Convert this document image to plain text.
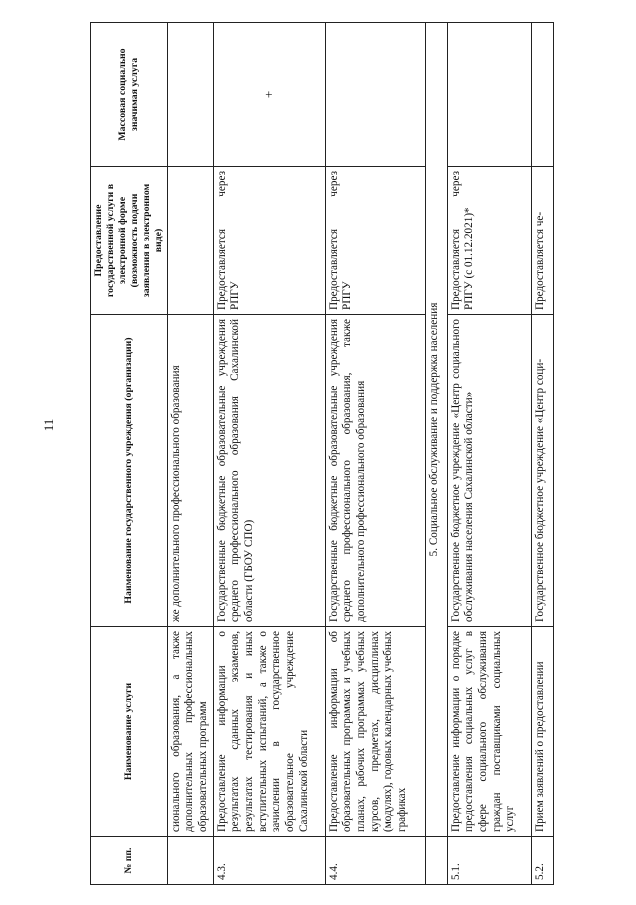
11
№ пп.	Наименование услуги	Наименование государственного учреждения (организации)	Предоставление государственной услуги в электронной форме (возможность подачи заявления в электронном виде)	Массовая социально значимая услуга
	сионального образования, а также дополнительных профессиональных образовательных программ	же дополнительного профессионального образования		
4.3.	Предоставление информации о результатах сданных экзаменов, результатах тестирования и иных вступительных испытаний, а также о зачислении в государственное образовательное учреждение Сахалинской области	Государственные бюджетные образовательные учреждения среднего профессионального образования Сахалинской области (ГБОУ СПО)	Предоставляется через РПГУ	+
4.4.	Предоставление информации об образовательных программах и учебных планах, рабочих программах учебных курсов, предметах, дисциплинах (модулях), годовых календарных учебных графиках	Государственные бюджетные образовательные учреждения среднего профессионального образования, также дополнительного профессионального образования	Предоставляется через РПГУ	
	5. Социальное обслуживание и поддержка населения			
5.1.	Предоставление информации о порядке предоставления социальных услуг в сфере социального обслуживания граждан поставщиками социальных услуг	Государственное бюджетное учреждение «Центр социального обслуживания населения Сахалинской области»	Предоставляется через РПГУ (с 01.12.2021)*	
5.2.	Прием заявлений о предоставлении	Государственное бюджетное учреждение «Центр соци-	Предоставляется че-	
